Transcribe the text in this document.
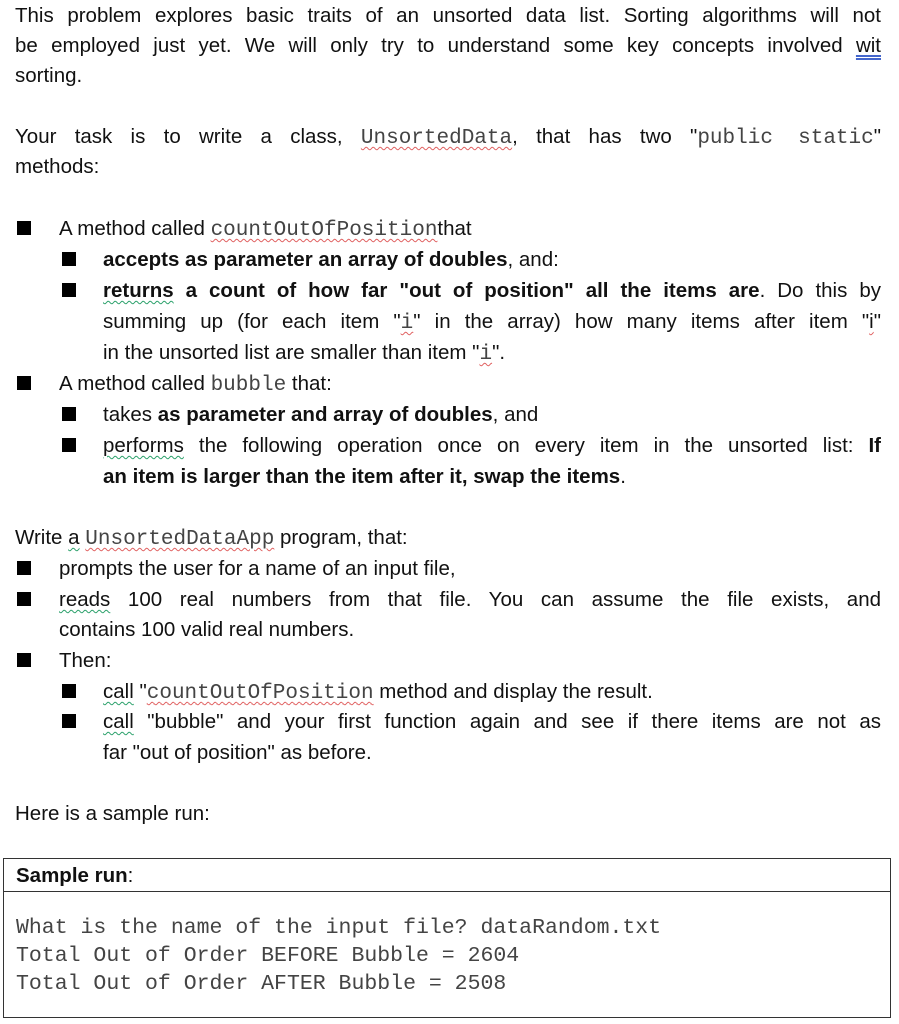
This problem explores basic traits of an unsorted data list. Sorting algorithms will not
be employed just yet. We will only try to understand some key concepts involved wit
sorting.
Your task is to write a class, UnsortedData, that has two "public static"
methods:
A method called countOutOfPositionthat
accepts as parameter an array of doubles, and:
returns a count of how far "out of position" all the items are. Do this by
summing up (for each item "i" in the array) how many items after item "i"
in the unsorted list are smaller than item "i".
A method called bubble that:
takes as parameter and array of doubles, and
performs the following operation once on every item in the unsorted list: If
an item is larger than the item after it, swap the items.
Write a UnsortedDataApp program, that:
prompts the user for a name of an input file,
reads 100 real numbers from that file. You can assume the file exists, and
contains 100 valid real numbers.
Then:
call "countOutOfPosition method and display the result.
call "bubble" and your first function again and see if there items are not as
far "out of position" as before.
Here is a sample run:
Sample run:
What is the name of the input file? dataRandom.txt
Total Out of Order BEFORE Bubble = 2604
Total Out of Order AFTER Bubble = 2508
